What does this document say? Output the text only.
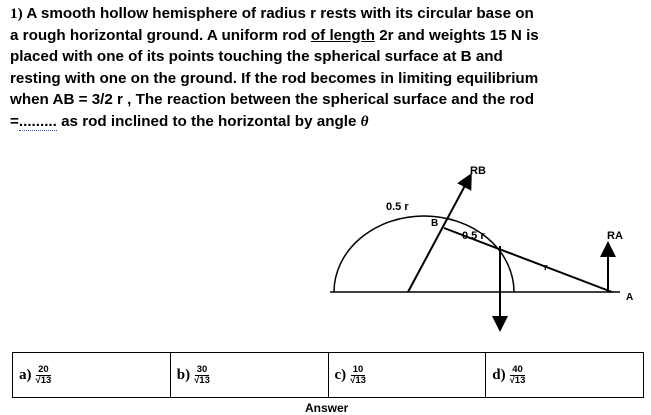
1) A smooth hollow hemisphere of radius r rests with its circular base on
a rough horizontal ground. A uniform rod of length 2r and weights 15 N is
placed with one of its points touching the spherical surface at B and
resting with one on the ground. If the rod becomes in limiting equilibrium
when AB = 3/2 r , The reaction between the spherical surface and the rod
=......... as rod inclined to the horizontal by angle θ
RB
0.5 r
B
0.5 r
r
RA
A
$a) \frac{20}{√13}$	$b) \frac{30}{√13}$	$c) \frac{10}{√13}$	$d) \frac{40}{√13}$
Answer
